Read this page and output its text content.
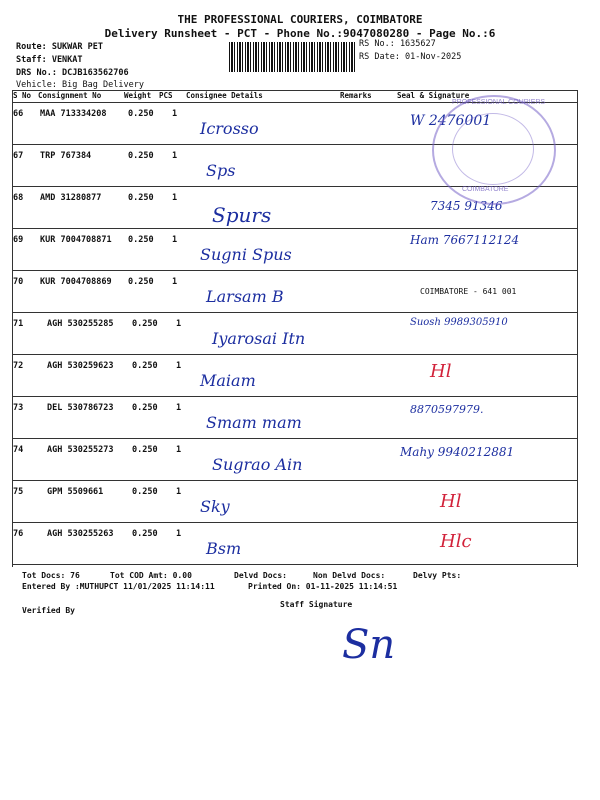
THE PROFESSIONAL COURIERS, COIMBATORE
Delivery Runsheet - PCT - Phone No.:9047080280 - Page No.:6
Route: SUKWAR PET
Staff: VENKAT
DRS No.: DCJB163562706
Vehicle: Big Bag Delivery
RS No.: 1635627
RS Date: 01-Nov-2025
S No Consignment No	Weight PCS Consignee Details	Remarks	Seal & Signature
66 MAA 713334208	0.250 1
Icrosso	W 2476001
67 TRP 767384	0.250 1
Sps
68 AMD 31280877	0.250 1
Spurs	7345 91346
69 KUR 7004708871 0.250 1
Sugni Spus
Ham 7667112124
70 KUR 7004708869 0.250 1
Larsam B	COIMBATORE - 641 001
71	AGH 530255285 0.250 1
Iyarosai Itn
Suosh 9989305910
72	AGH 530259623 0.250 1
Maiam	Hl
73	DEL 530786723 0.250 1
Smam mam
8870597979.
74	AGH 530255273 0.250 1
Sugrao Ain
Mahy 9940212881
75	GPM 5509661	0.250 1
Sky	Hl
76	AGH 530255263 0.250 1
Bsm	Hlc
PROFESSIONAL COURIERS
COIMBATORE
Tot Docs: 76	Tot COD Amt: 0.00	Delvd Docs:	Non Delvd Docs:	Delvy Pts:
Entered By :MUTHUPCT 11/01/2025 11:14:11	Printed On: 01-11-2025 11:14:51
Verified By
Staff Signature
Sn
